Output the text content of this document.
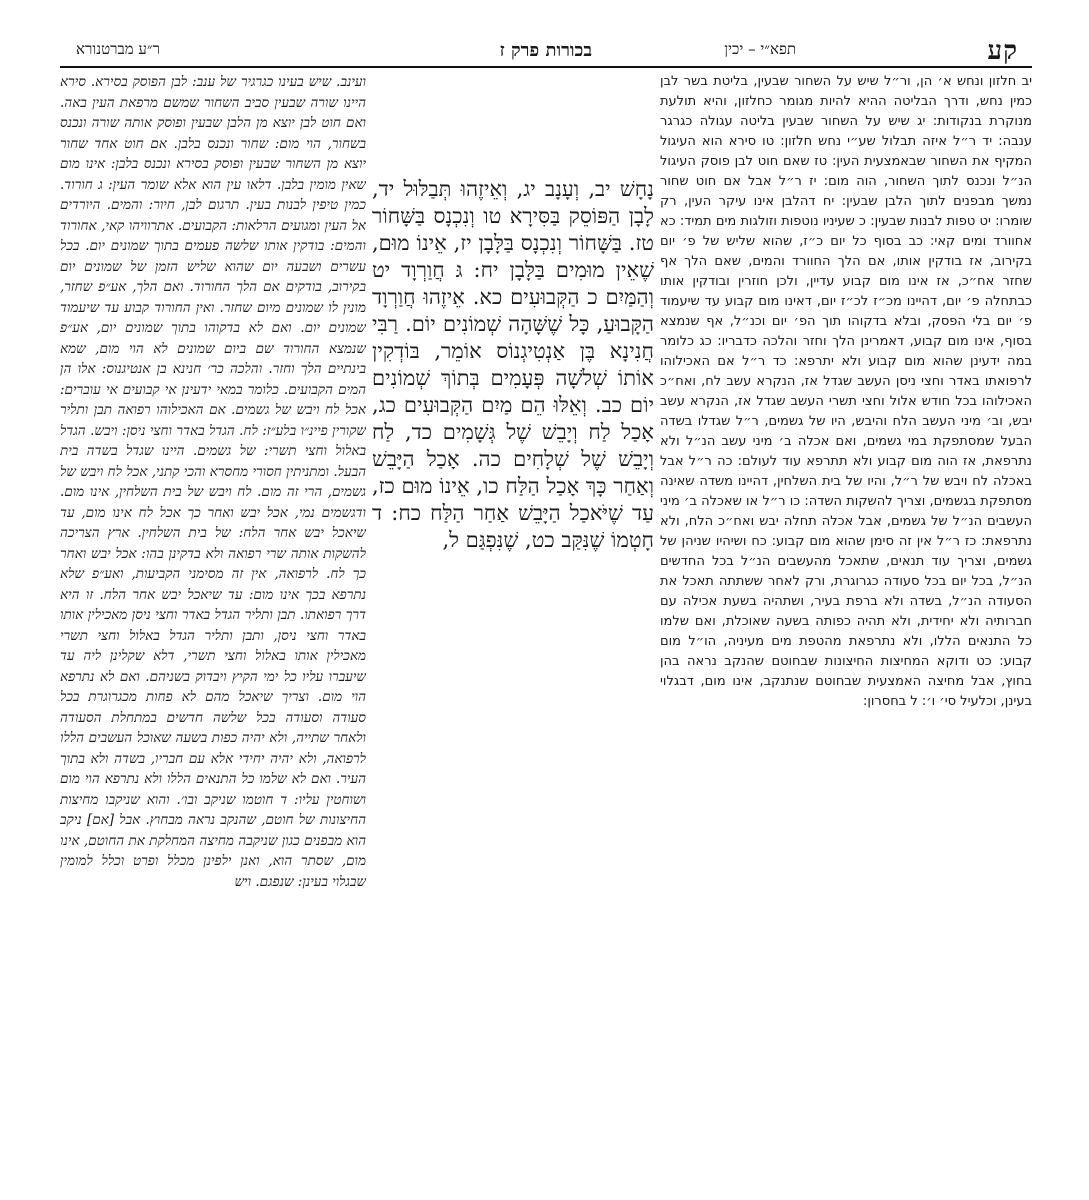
קע
תפא״י – יכין
בכורות פרק ז
ר״ע מברטנורא
יב חלזון ונחש א׳ הן, ור״ל שיש על השחור שבעין, בליטת בשר לבן כמין נחש, ודרך הבליטה ההיא להיות מגומר כחלזון, והיא תולעת מנוקרת בנקודות: יג שיש על השחור שבעין בליטה עגולה כגרגר ענבה: יד ר״ל איזה תבלול שע״י נחש חלזון: טו סירא הוא העיגול המקיף את השחור שבאמצעית העין: טז שאם חוט לבן פוסק העיגול הנ״ל ונכנס לתוך השחור, הוה מום: יז ר״ל אבל אם חוט שחור נמשך מבפנים לתוך הלבן שבעין: יח דהלבן אינו עיקר העין, רק שומרו: יט טפות לבנות שבעין: כ שעיניו נוטפות וזולגות מים תמיד: כא אחוורד ומים קאי: כב בסוף כל יום כ״ז, שהוא שליש של פ׳ יום בקירוב, אז בודקין אותו, אם הלך החוורד והמים, שאם הלך אף שחזר אח״כ, אז אינו מום קבוע עדיין, ולכן חוזרין ובודקין אותו כבתחלה פ׳ יום, דהיינו מכ״ז לכ״ז יום, דאינו מום קבוע עד שיעמוד פ׳ יום בלי הפסק, ובלא בדקוהו תוך הפ׳ יום וכנ״ל, אף שנמצא בסוף, אינו מום קבוע, דאמרינן הלך וחזר והלכה כדבריו: כג כלומר במה ידעינן שהוא מום קבוע ולא יתרפא: כד ר״ל אם האכילוהו לרפואתו באדר וחצי ניסן העשב שגדל אז, הנקרא עשב לח, ואח״כ האכילוהו בכל חודש אלול וחצי תשרי העשב שגדל אז, הנקרא עשב יבש, וב׳ מיני העשב הלח והיבש, היו של גשמים, ר״ל שגדלו בשדה הבעל שמסתפקת במי גשמים, ואם אכלה ב׳ מיני עשב הנ״ל ולא נתרפאת, אז הוה מום קבוע ולא תתרפא עוד לעולם: כה ר״ל אבל באכלה לח ויבש של ר״ל, והיו של בית השלחין, דהיינו משדה שאינה מסתפקת בגשמים, וצריך להשקות השדה: כו ר״ל או שאכלה ב׳ מיני העשבים הנ״ל של גשמים, אבל אכלה תחלה יבש ואח״כ הלח, ולא נתרפאת: כז ר״ל אין זה סימן שהוא מום קבוע: כח ושיהיו שניהן של גשמים, וצריך עוד תנאים, שתאכל מהעשבים הנ״ל בכל החדשים הנ״ל, בכל יום בכל סעודה כגרוגרת, ורק לאחר ששתתה תאכל את הסעודה הנ״ל, בשדה ולא ברפת בעיר, ושתהיה בשעת אכילה עם חברותיה ולא יחידית, ולא תהיה כפותה בשעה שאוכלת, ואם שלמו כל התנאים הללו, ולא נתרפאת מהטפת מים מעיניה, הו״ל מום קבוע: כט ודוקא המחיצות החיצונות שבחוטם שהנקב נראה בהן בחוץ, אבל מחיצה האמצעית שבחוטם שנתנקב, אינו מום, דבגלוי בעינן, וכלעיל סי׳ ו׳: ל בחסרון:
נָחָשׁ יב, וְעָנָב יג, וְאֵיזֶהוּ תְּבַלּוּל יד, לָבָן הַפּוֹסֵק בַּסִּירָא טו וְנִכְנָס בַּשָּׁחוֹר טז. בַּשָּׁחוֹר וְנִכְנָס בַּלָּבָן יז, אֵינוֹ מוּם, שֶׁאֵין מוּמִים בַּלָּבָן יח: גּ חֲוַרְוָד יט וְהַמַּיִם כ הַקְּבוּעִים כא. אֵיזֶהוּ חֲוַרְוָד הַקָּבוּעַ, כָּל שֶׁשָּׁהָה שְׁמוֹנִים יוֹם. רַבִּי חֲנִינָא בֶּן אַנְטִיגְנוֹס אוֹמֵר, בּוֹדְקִין אוֹתוֹ שְׁלֹשָׁה פְּעָמִים בְּתוֹךְ שְׁמוֹנִים יוֹם כב. וְאֵלּוּ הֵם מַיִם הַקְּבוּעִים כג, אָכַל לַח וְיָבֵשׁ שֶׁל גְּשָׁמִים כד, לַח וְיָבֵשׁ שֶׁל שְׁלָחִים כה. אָכַל הַיָּבֵשׁ וְאַחַר כָּךְ אָכַל הַלַּח כו, אֵינוֹ מוּם כז, עַד שֶׁיֹּאכַל הַיָּבֵשׁ אַחַר הַלַּח כח: ד חָטְמוֹ שֶׁנִּקַּב כט, שֶׁנִּפְגַּם ל,
ועינב. שיש בעינו כגרגיר של ענב: לבן הפוסק בסירא. סירא היינו שורה שבעין סביב השחור שמשם מרפאת העין באה. ואם חוט לבן יוצא מן הלבן שבעין ופוסק אותה שורה ונכנס בשחור, הוי מום: שחור ונכנס בלבן. אם חוט אחד שחור יוצא מן השחור שבעין ופוסק בסירא ונכנס בלבן: אינו מום שאין מומין בלבן. דלאו עין הוא אלא שומר העין: ג חורוד. כמין טיפין לבנות בעין. תרגום לבן, חיור: והמים. היורדים אל העין ומגועים הרלאות: הקבועים. אתרוויהו קאי, אחורוד והמים: בודקין אותו שלשה פעמים בתוך שמונים יום. בכל עשרים ושבעה יום שהוא שליש הזמן של שמונים יום בקירוב, בודקים אם הלך החורוד. ואם הלך, אע״פ שחזר, מונין לו שמונים מיום שחזר. ואין החורוד קבוע עד שיעמוד שמונים יום. ואם לא בדקוהו בתוך שמונים יום, אע״פ שנמצא החורוד שם ביום שמונים לא הוי מום, שמא בינתיים הלך וחזר. והלכה כר׳ חנינא בן אנטיגנוס: אלו הן המים הקבועים. כלומר במאי ידעינן אי קבועים אי עוברים: אכל לח ויבש של גשמים. אם האכילוהו רפואה תבן ותליר שקורין פיינ״ו בלע״ז: לח. הגדל באדר וחצי ניסן: ויבש. הגדל באלול וחצי תשרי: של גשמים. היינו שגדל בשדה בית הבעל. ומתניתין חסורי מחסרא והכי קתני, אכל לח ויבש של גשמים, הרי זה מום. לח ויבש של בית השלחין, אינו מום. ודגשמים נמי, אכל יבש ואחר כך אכל לח אינו מום, עד שיאכל יבש אחר הלח: של בית השלחין. ארץ הצריכה להשקות אותה שרי רפואה ולא בדקינן בהו: אכל יבש ואחר כך לח. לרפואה, אין זה מסימני הקביעות, ואע״פ שלא נתרפא בכך אינו מום: עד שיאכל יבש אחר הלח. זו היא דרך רפואתו. תבן ותליר הגדל באדר וחצי ניסן מאכילין אותו באדר וחצי ניסן, ותבן ותליר הגדל באלול וחצי תשרי מאכילין אותו באלול וחצי תשרי, דלא שקלינן ליה עד שיעברו עליו כל ימי הקיץ ויבדוק בשניהם. ואם לא נתרפא הוי מום. וצריך שיאכל מהם לא פחות מכגרוגרת בכל סעודה וסעודה בכל שלשה חדשים במתחלת הסעודה ולאחר שתייה, ולא יהיה כפות בשעה שאוכל העשבים הללו לרפואה, ולא יהיה יחידי אלא עם חבריו, בשדה ולא בתוך העיר. ואם לא שלמו כל התנאים הללו ולא נתרפא הוי מום ושוחטין עליו: ד חוטמו שניקב ובו׳. והוא שניקבו מחיצות החיצונות של חוטם, שהנקב נראה מבחוץ. אבל [אם] ניקב הוא מבפנים כגון שניקבה מחיצה המחלקת את החוטם, אינו מום, שסתר הוא, ואנן ילפינן מכלל ופרט וכלל למומין שבגלוי בעינן: שנפגם. ויש
